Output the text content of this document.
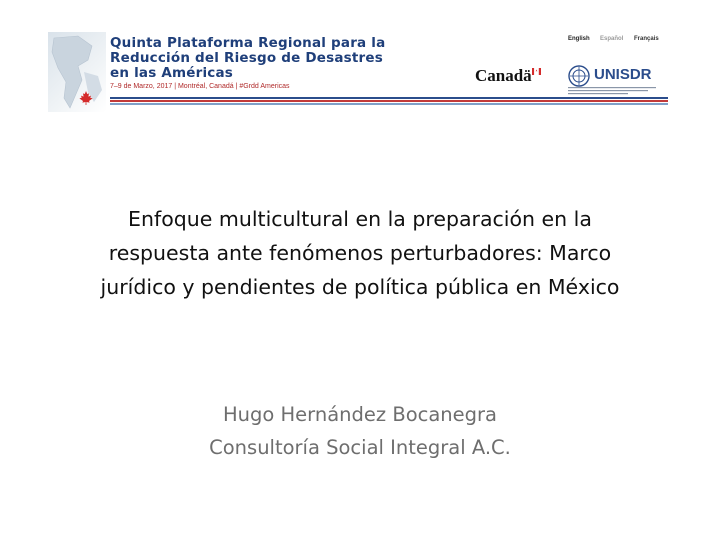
Quinta Plataforma Regional para la
Reducción del Riesgo de Desastres
en las Américas
7–9 de Marzo, 2017 | Montréal, Canadá | #Grdd Americas
English Español Français
Canadä	UNISDR
Enfoque multicultural en la preparación en la
respuesta ante fenómenos perturbadores: Marco
jurídico y pendientes de política pública en México
Hugo Hernández Bocanegra
Consultoría Social Integral A.C.
